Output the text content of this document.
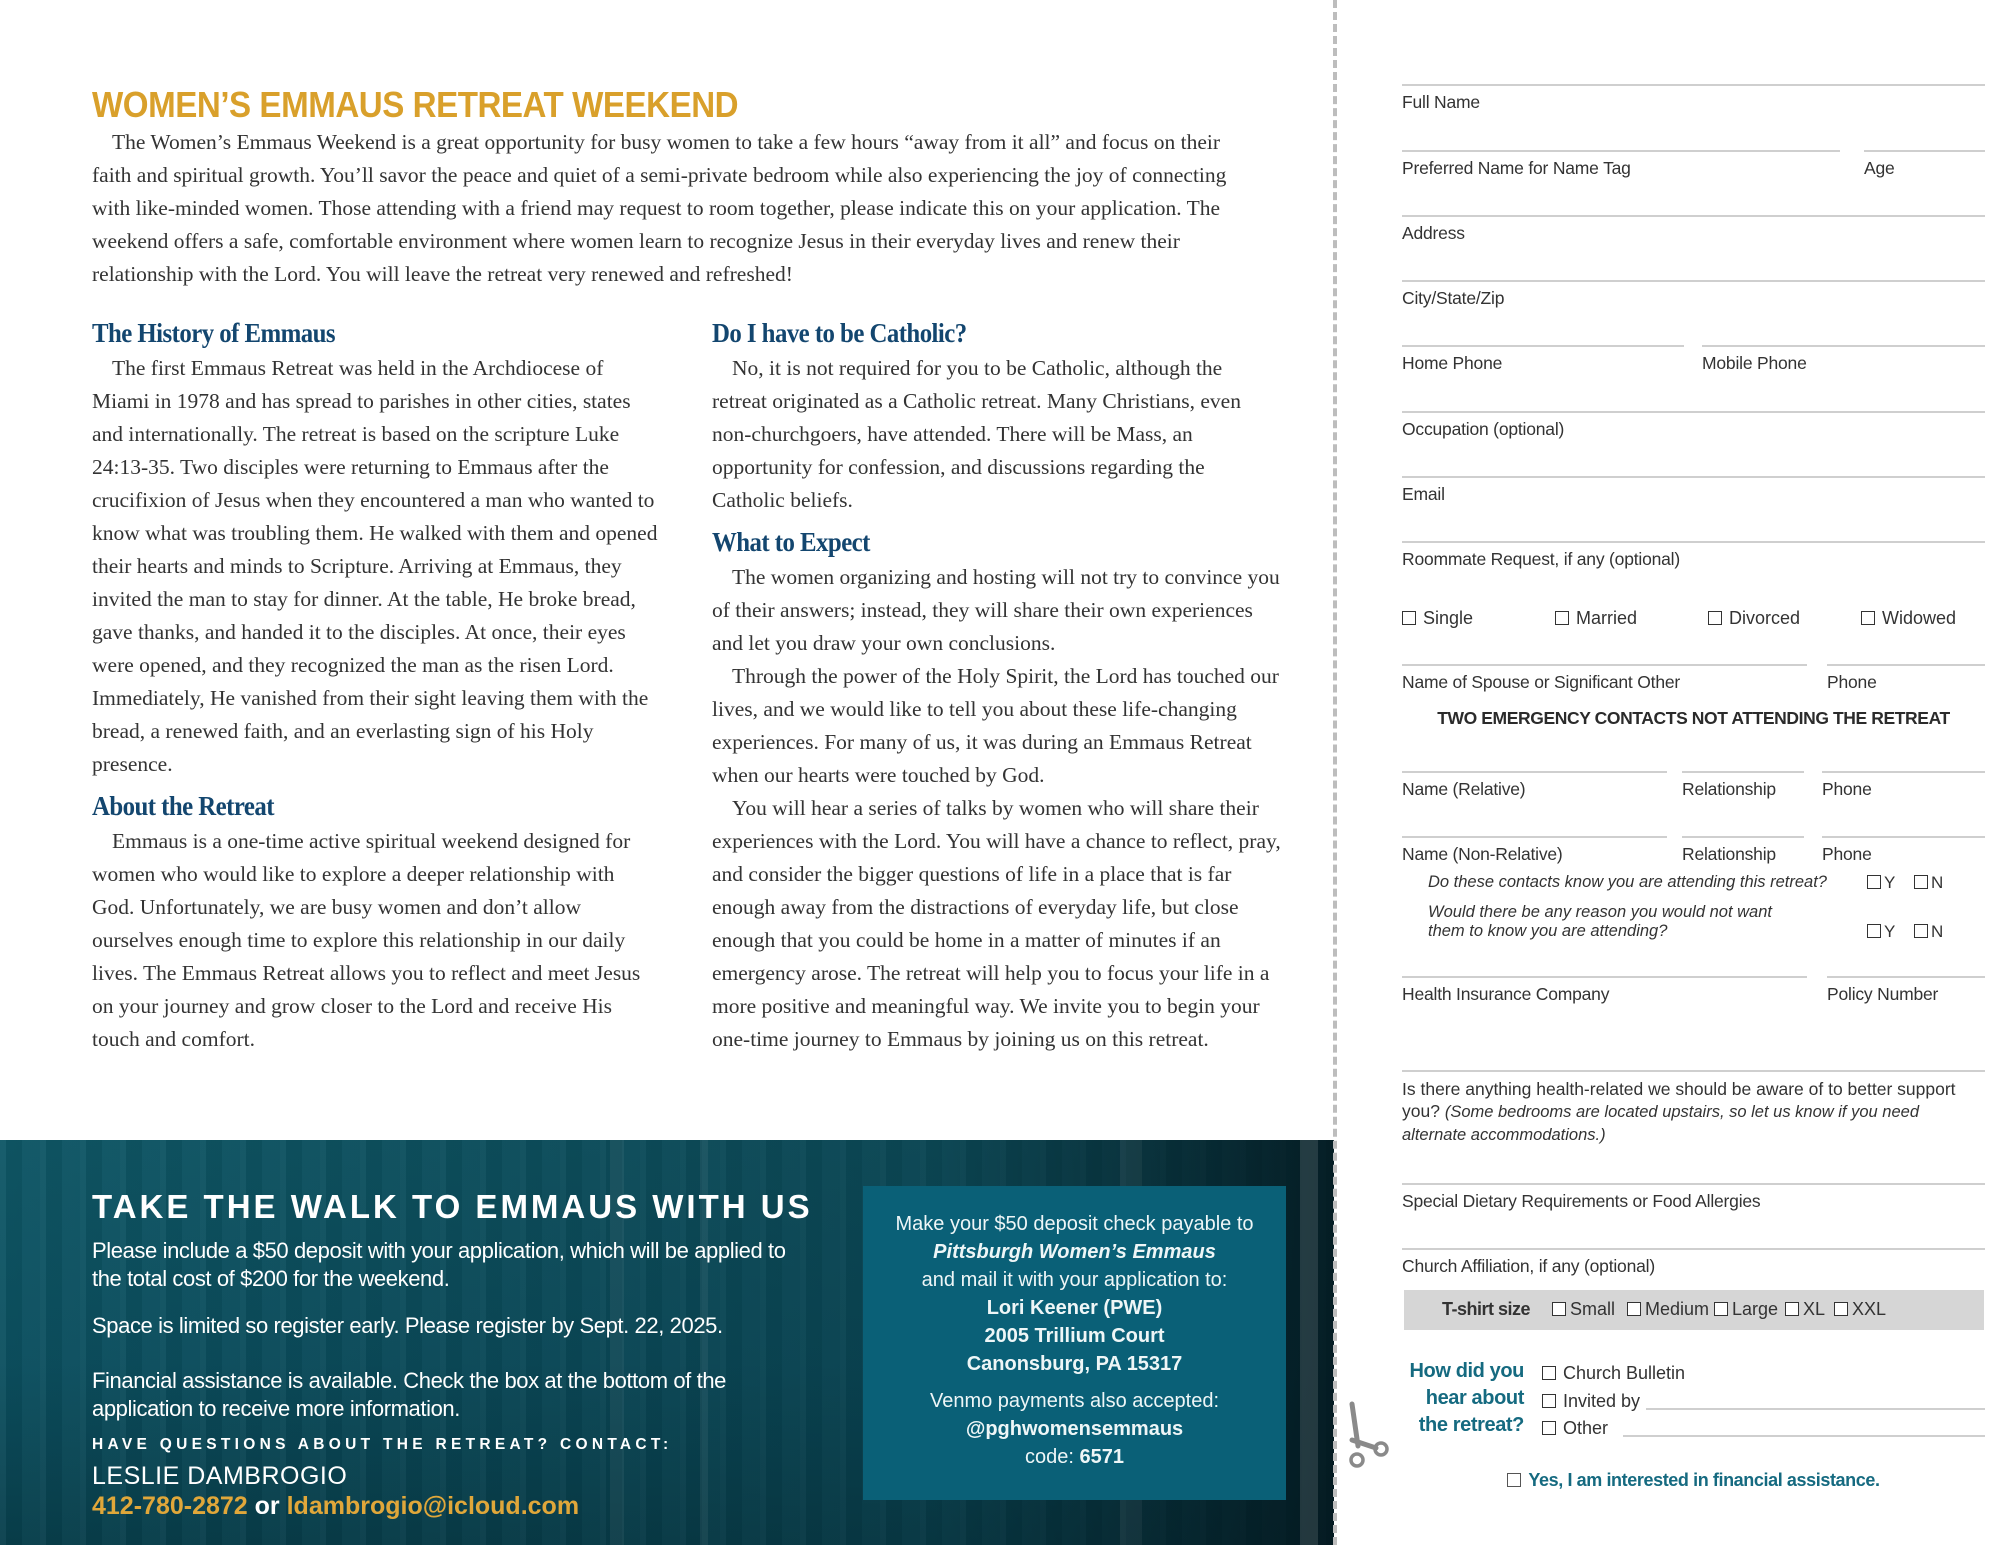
WOMEN’S EMMAUS RETREAT WEEKEND

The Women’s Emmaus Weekend is a great opportunity for busy women to take a few hours “away from it all” and focus on their faith and spiritual growth. You’ll savor the peace and quiet of a semi-private bedroom while also experiencing the joy of connecting with like-minded women. Those attending with a friend may request to room together, please indicate this on your application. The weekend offers a safe, comfortable environment where women learn to recognize Jesus in their everyday lives and renew their relationship with the Lord. You will leave the retreat very renewed and refreshed!

The History of Emmaus

The first Emmaus Retreat was held in the Archdiocese of Miami in 1978 and has spread to parishes in other cities, states and internationally. The retreat is based on the scripture Luke 24:13-35. Two disciples were returning to Emmaus after the crucifixion of Jesus when they encountered a man who wanted to know what was troubling them. He walked with them and opened their hearts and minds to Scripture. Arriving at Emmaus, they invited the man to stay for dinner. At the table, He broke bread, gave thanks, and handed it to the disciples. At once, their eyes were opened, and they recognized the man as the risen Lord. Immediately, He vanished from their sight leaving them with the bread, a renewed faith, and an everlasting sign of his Holy presence.

About the Retreat

Emmaus is a one-time active spiritual weekend designed for women who would like to explore a deeper relationship with God. Unfortunately, we are busy women and don’t allow ourselves enough time to explore this relationship in our daily lives. The Emmaus Retreat allows you to reflect and meet Jesus on your journey and grow closer to the Lord and receive His touch and comfort.

Do I have to be Catholic?

No, it is not required for you to be Catholic, although the retreat originated as a Catholic retreat. Many Christians, even non-churchgoers, have attended. There will be Mass, an opportunity for confession, and discussions regarding the Catholic beliefs.

What to Expect

The women organizing and hosting will not try to convince you of their answers; instead, they will share their own experiences and let you draw your own conclusions.

Through the power of the Holy Spirit, the Lord has touched our lives, and we would like to tell you about these life-changing experiences. For many of us, it was during an Emmaus Retreat when our hearts were touched by God.

You will hear a series of talks by women who will share their experiences with the Lord. You will have a chance to reflect, pray, and consider the bigger questions of life in a place that is far enough away from the distractions of everyday life, but close enough that you could be home in a matter of minutes if an emergency arose. The retreat will help you to focus your life in a more positive and meaningful way. We invite you to begin your one-time journey to Emmaus by joining us on this retreat.

TAKE THE WALK TO EMMAUS WITH US
Please include a $50 deposit with your application, which will be applied to the total cost of $200 for the weekend.
Space is limited so register early. Please register by Sept. 22, 2025.
Financial assistance is available. Check the box at the bottom of the application to receive more information.
HAVE QUESTIONS ABOUT THE RETREAT? CONTACT:
LESLIE DAMBROGIO
412-780-2872 or ldambrogio@icloud.com
Make your $50 deposit check payable to
Pittsburgh Women’s Emmaus
and mail it with your application to:
Lori Keener (PWE)
2005 Trillium Court
Canonsburg, PA 15317
Venmo payments also accepted:
@pghwomensemmaus
code: 6571
Full Name
Preferred Name for Name Tag	Age
Address
City/State/Zip
Home Phone	Mobile Phone
Occupation (optional)
Email
Roommate Request, if any (optional)
Single	Married	Divorced	Widowed
Name of Spouse or Significant Other	Phone
TWO EMERGENCY CONTACTS NOT ATTENDING THE RETREAT
Name (Relative)	Relationship	Phone
Name (Non-Relative)	Relationship	Phone
Do these contacts know you are attending this retreat?	Y	N
Would there be any reason you would not want
them to know you are attending?	Y	N
Health Insurance Company	Policy Number
Is there anything health-related we should be aware of to better support you? (Some bedrooms are located upstairs, so let us know if you need alternate accommodations.)
Special Dietary Requirements or Food Allergies
Church Affiliation, if any (optional)
T-shirt size	Small	Medium	Large	XL	XXL
How did you
hear about
the retreat?
Church Bulletin
Invited by
Other
Yes, I am interested in financial assistance.
